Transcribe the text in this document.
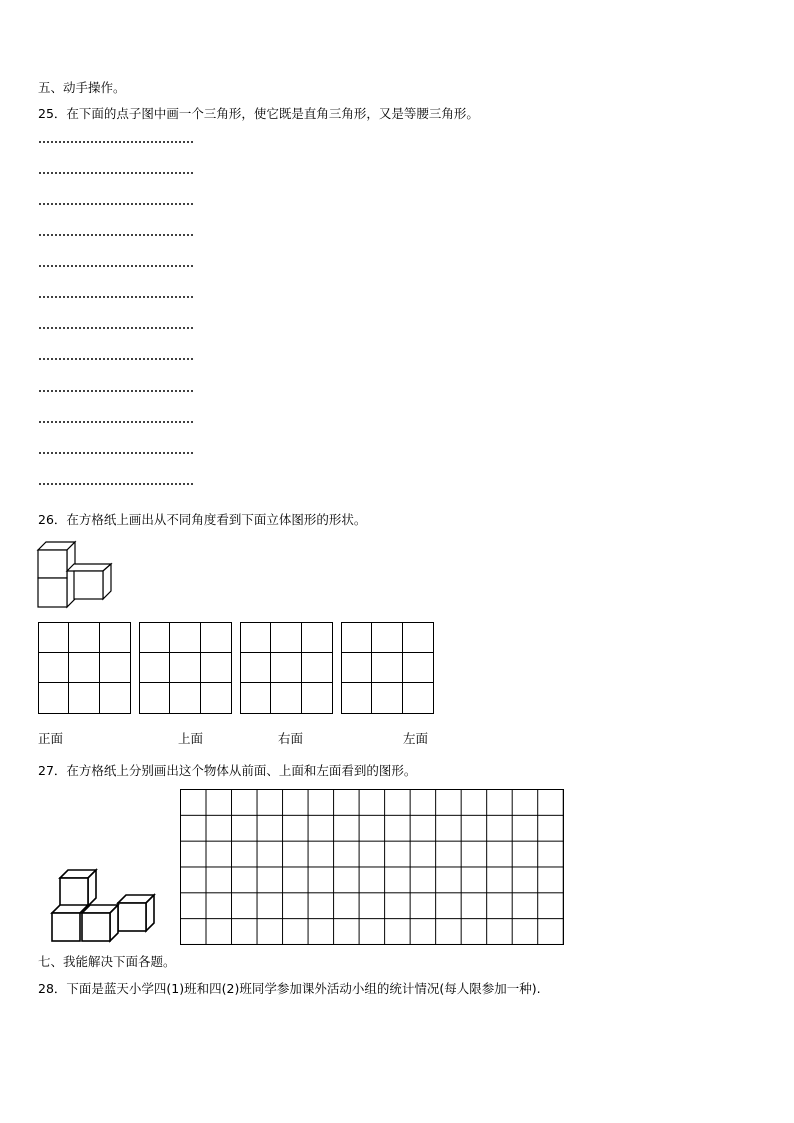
五、动手操作。
25．在下面的点子图中画一个三角形，使它既是直角三角形，又是等腰三角形。
26．在方格纸上画出从不同角度看到下面立体图形的形状。
正面	上面	右面	左面
27．在方格纸上分别画出这个物体从前面、上面和左面看到的图形。
七、我能解决下面各题。
28．下面是蓝天小学四(1)班和四(2)班同学参加课外活动小组的统计情况(每人限参加一种).
